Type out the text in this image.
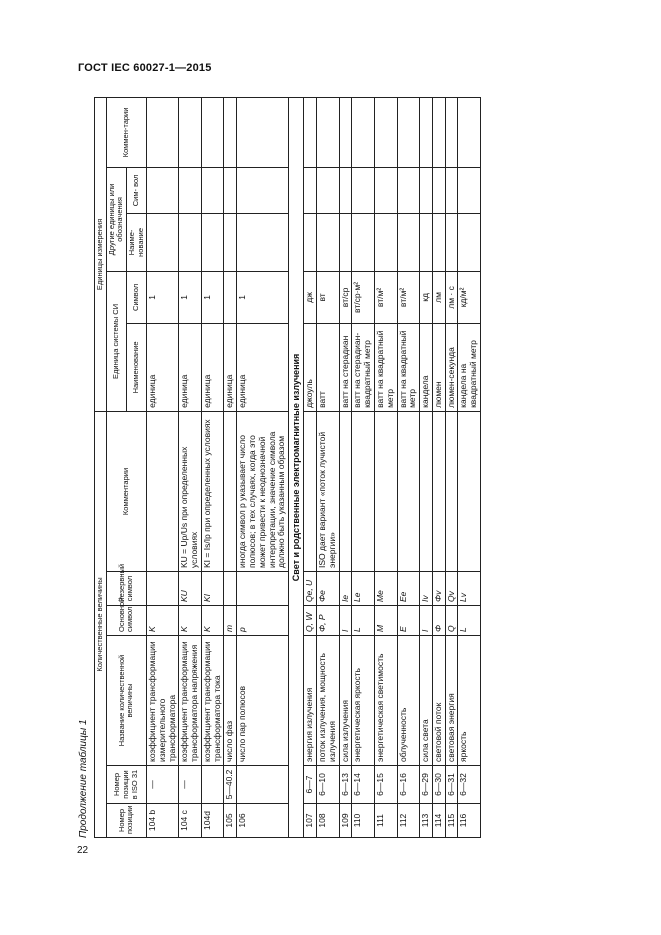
ГОСТ IEC 60027-1—2015
Продолжение таблицы 1
22
Количественные величины						Единицы измерения				
Номер позиции	Номер позиции в ISO 31	Название количественной величины	Основной символ	Резервный символ	Комментарии	Единица системы СИ		Другие единицы или обозначения		Коммен-тарии
						Наименование	Символ	Наиме- нование	Сим- вол	
104 b	—	коэффициент трансформации измерительного трансформатора	K			единица	1			
104 c	—	коэффициент трансформации трансформатора напряжения	K	KU	KU = Up/Us при определенных условиях	единица	1			
104d		коэффициент трансформации трансформатора тока	K	KI	KI = Is/Ip при определенных условиях	единица	1			
105	5—40.2	число фаз	m			единица				
106		число пар полюсов	p		иногда символ p указывает число полюсов; в тех случаях, когда это может привести к неоднозначной интерпретации, значение символа должно быть указанным образом	единица	1			
Свет и родственные электромагнитные излучения										
107	6—7	энергия излучения	Q, W	Qe, U		джоуль	дж			
108	6—10	поток излучения, мощность излучения	Φ, P	Φe	ISO дает вариант «поток лучистой энергии»	ватт	вт			
109	6—13	сила излучения	I	Ie		ватт на стерадиан	вт/ср			
110	6—14	энергетическая яркость	L	Le		ватт на стерадиан-квадратный метр	вт/ср·м²			
111	6—15	энергетическая светимость	M	Me		ватт на квадратный метр	вт/м²			
112	6—16	облученность	E	Ee		ватт на квадратный метр	вт/м²			
113	6—29	сила света	I	Iv		кандела	кд			
114	6—30	световой поток	Φ	Φv		люмен	лм			
115	6—31	световая энергия	Q	Qv		люмен-секунда	лм · с			
116	6—32	яркость	L	Lv		кандела на квадратный метр	кд/м²			
